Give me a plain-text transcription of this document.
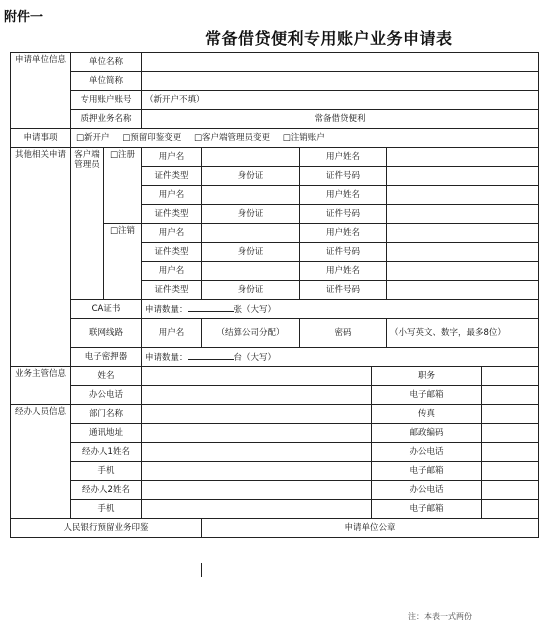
附件一
常备借贷便利专用账户业务申请表
申请单位信息	单位名称							
	单位简称							
	专用账户账号		（新开户不填）					
	质押业务名称		常备借贷便利					
申请事项	□新开户 □预留印鉴变更 □客户端管理员变更 □注销账户							
其他相关申请	客户端管理员	□注册	用户名		用户姓名			
			证件类型	身份证	证件号码			
			用户名		用户姓名			
			证件类型	身份证	证件号码			
		□注销	用户名		用户姓名			
			证件类型	身份证	证件号码			
			用户名		用户姓名			
			证件类型	身份证	证件号码			
	CA证书		申请数量： 张（大写）					
	联网线路		用户名	（结算公司分配）	密码		（小写英文、数字，最多8位）	
	电子密押器		申请数量： 台（大写）					
业务主管信息	姓名					职务		
	办公电话					电子邮箱		
经办人员信息	部门名称					传真		
	通讯地址					邮政编码		
	经办人1姓名					办公电话		
	手机					电子邮箱		
	经办人2姓名					办公电话		
	手机					电子邮箱		
人民银行预留业务印鉴				申请单位公章				
注：本表一式两份
